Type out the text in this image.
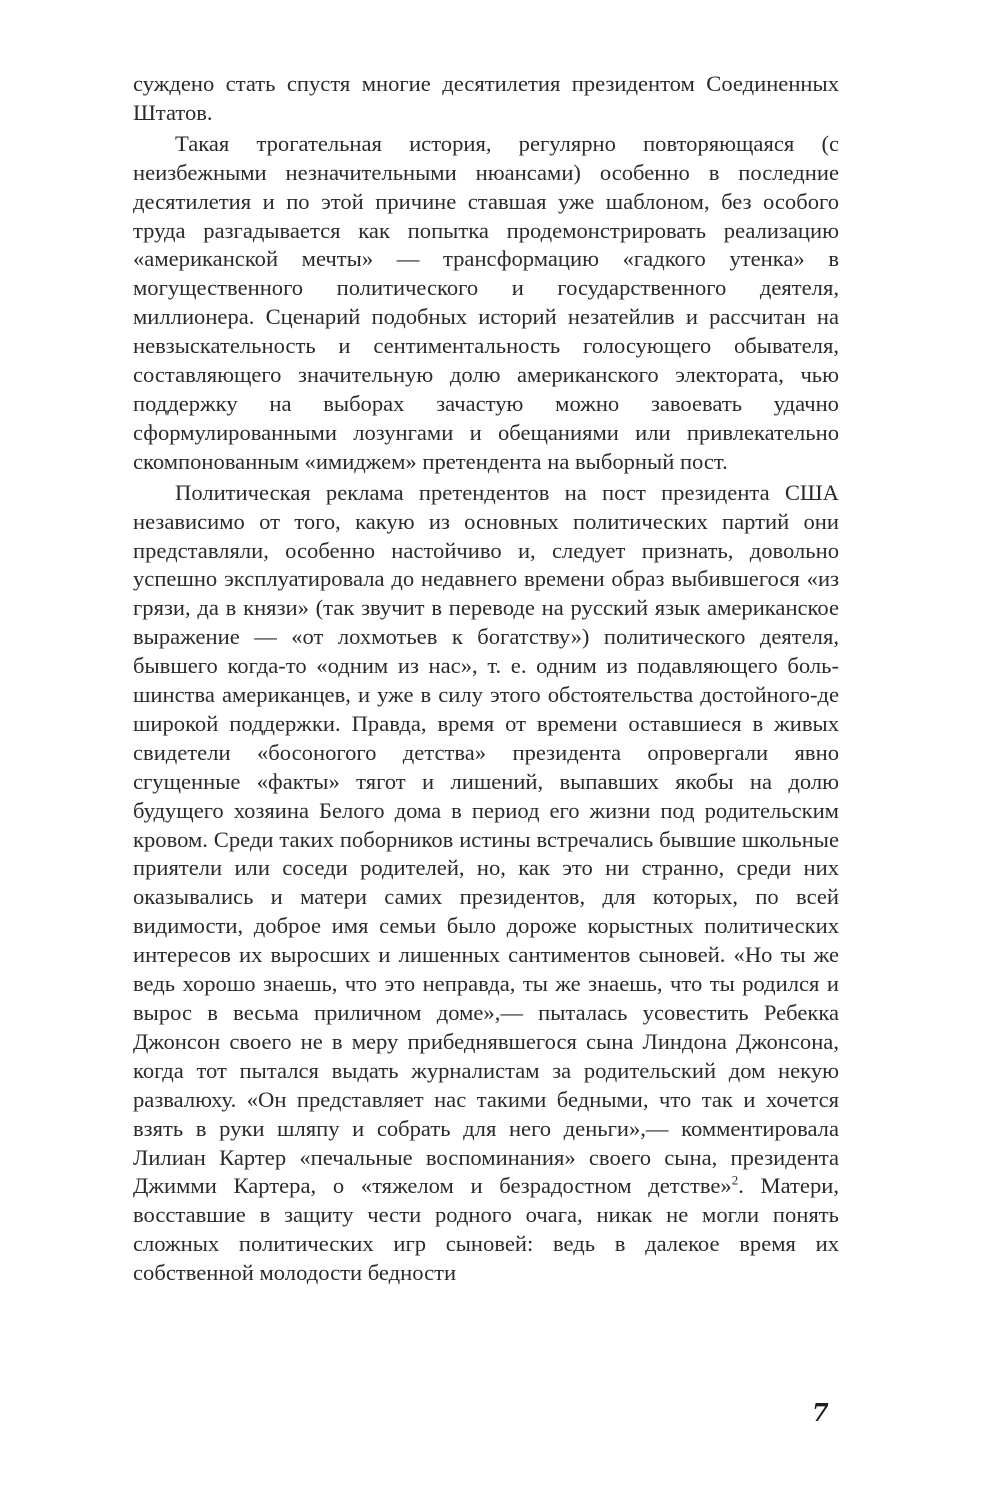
суждено стать спустя многие десятилетия президентом Соединенных Штатов.

Такая трогательная история, регулярно повторяющаяся (с неизбежными незначительными нюансами) особенно в последние десятилетия и по этой причине ставшая уже шаблоном, без особого труда разгадывается как попытка продемонстрировать реализацию «американской мечты» — трансформацию «гадкого утенка» в могущественного политического и государственного деятеля, миллионера. Сценарий подобных историй незатейлив и рассчитан на невзыскательность и сентиментальность голосующего обывателя, составляющего значительную долю американского электората, чью поддержку на выборах зачастую можно завоевать удачно сформулированными лозунгами и обещаниями или привлекательно скомпонованным «имиджем» претендента на выборный пост.

Политическая реклама претендентов на пост президента США независимо от того, какую из основных политических партий они представляли, особенно настойчиво и, следует признать, довольно успешно эксплуатировала до недавнего времени образ выбившегося «из грязи, да в князи» (так звучит в переводе на русский язык американское выражение — «от лохмотьев к богатству») политического деятеля, бывшего когда-то «одним из нас», т. е. одним из подавляющего большинства американцев, и уже в силу этого обстоятельства достойного-де широкой поддержки. Правда, время от времени оставшиеся в живых свидетели «босоногого детства» президента опровергали явно сгущенные «факты» тягот и лишений, выпавших якобы на долю будущего хозяина Белого дома в период его жизни под родительским кровом. Среди таких поборников истины встречались бывшие школьные приятели или соседи родителей, но, как это ни странно, среди них оказывались и матери самих президентов, для которых, по всей видимости, доброе имя семьи было дороже корыстных политических интересов их выросших и лишенных сантиментов сыновей. «Но ты же ведь хорошо знаешь, что это неправда, ты же знаешь, что ты родился и вырос в весьма приличном доме»,— пыталась усовестить Ребекка Джонсон своего не в меру прибеднявшегося сына Линдона Джонсона, когда тот пытался выдать журналистам за родительский дом некую развалюху. «Он представляет нас такими бедными, что так и хочется взять в руки шляпу и собрать для него деньги»,— комментировала Лилиан Картер «печальные воспоминания» своего сына, президента Джимми Картера, о «тяжелом и безрадостном детстве»$^2$. Матери, восставшие в защиту чести родного очага, никак не могли понять сложных политических игр сыновей: ведь в далекое время их собственной молодости бедности

7
